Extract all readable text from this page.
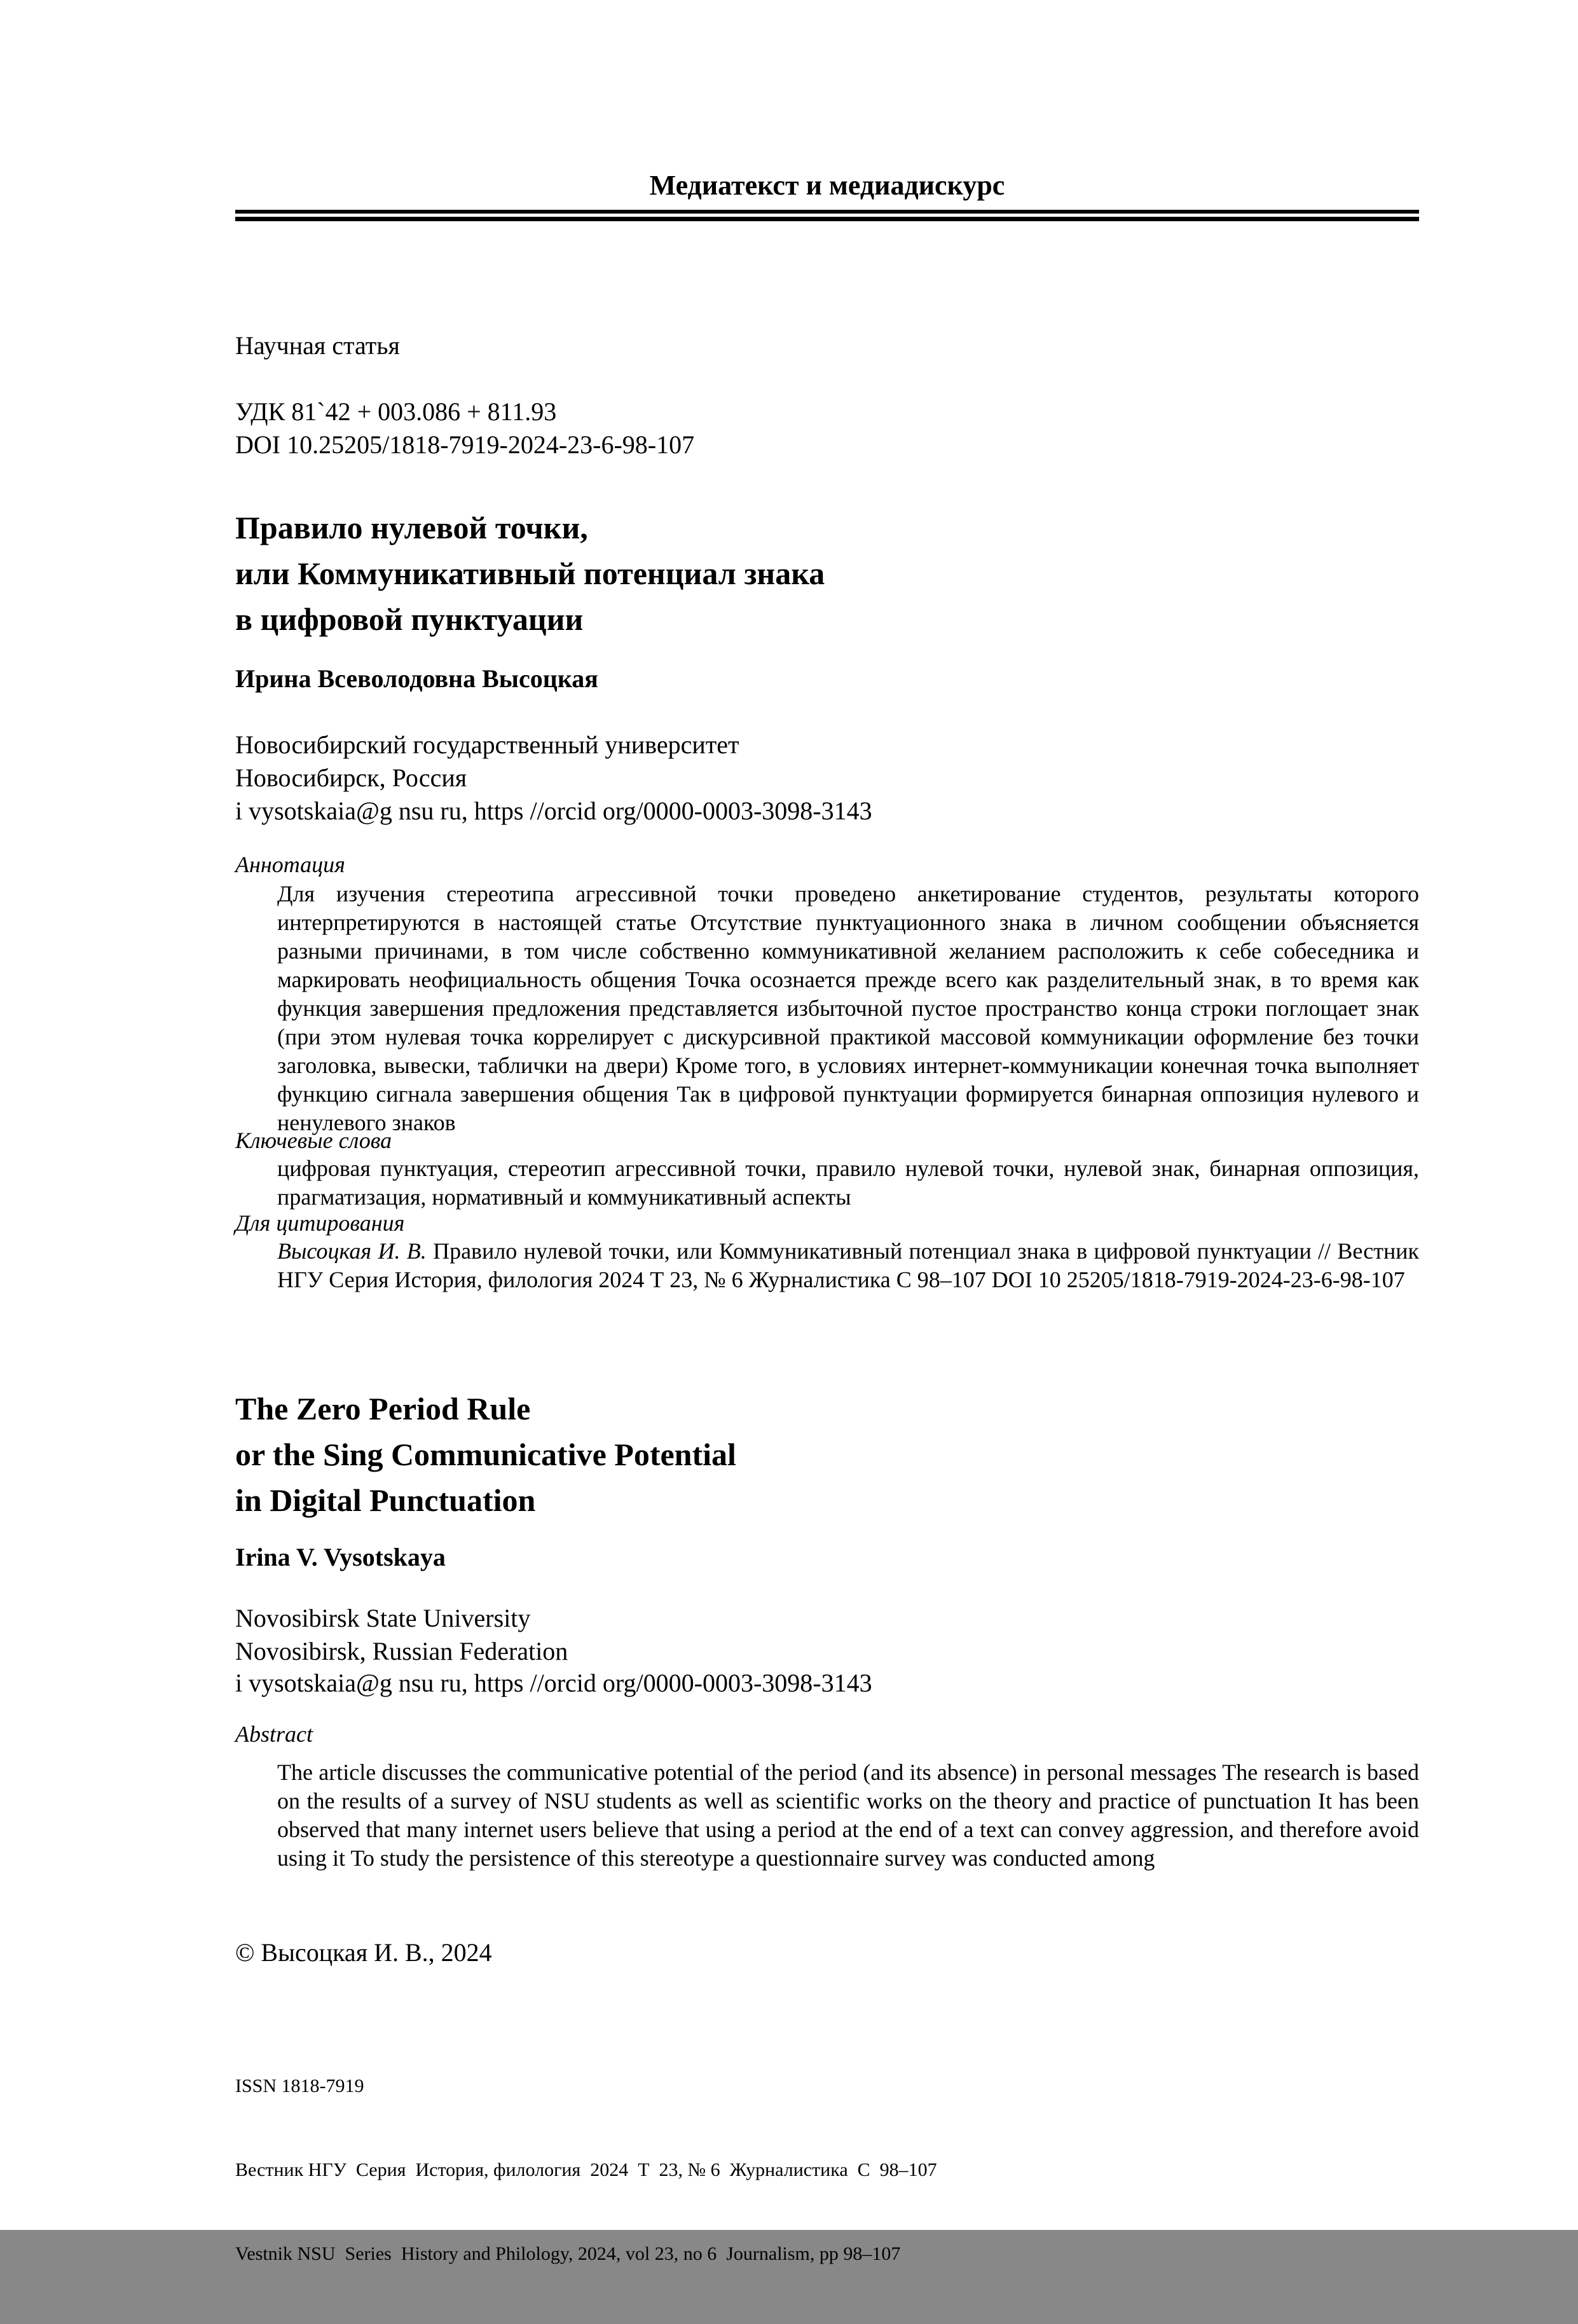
Медиатекст и медиадискурс
Научная статья
УДК 81`42 + 003.086 + 811.93
DOI 10.25205/1818-7919-2024-23-6-98-107
Правило нулевой точки,
или Коммуникативный потенциал знака
в цифровой пунктуации
Ирина Всеволодовна Высоцкая
Новосибирский государственный университет
Новосибирск, Россия
i vysotskaia@g nsu ru, https //orcid org/0000-0003-3098-3143
Аннотация
Для изучения стереотипа агрессивной точки проведено анкетирование студентов, результаты которого интерпретируются в настоящей статье Отсутствие пунктуационного знака в личном сообщении объясняется разными причинами, в том числе собственно коммуникативной желанием расположить к себе собеседника и маркировать неофициальность общения Точка осознается прежде всего как разделительный знак, в то время как функция завершения предложения представляется избыточной пустое пространство конца строки поглощает знак (при этом нулевая точка коррелирует с дискурсивной практикой массовой коммуникации оформление без точки заголовка, вывески, таблички на двери) Кроме того, в условиях интернет-коммуникации конечная точка выполняет функцию сигнала завершения общения Так в цифровой пунктуации формируется бинарная оппозиция нулевого и ненулевого знаков
Ключевые слова
цифровая пунктуация, стереотип агрессивной точки, правило нулевой точки, нулевой знак, бинарная оппозиция, прагматизация, нормативный и коммуникативный аспекты
Для цитирования
Высоцкая И. В. Правило нулевой точки, или Коммуникативный потенциал знака в цифровой пунктуации // Вестник НГУ Серия История, филология 2024 Т 23, № 6 Журналистика С 98–107 DOI 10 25205/1818-7919-2024-23-6-98-107
The Zero Period Rule
or the Sing Communicative Potential
in Digital Punctuation
Irina V. Vysotskaya
Novosibirsk State University
Novosibirsk, Russian Federation
i vysotskaia@g nsu ru, https //orcid org/0000-0003-3098-3143
Abstract
The article discusses the communicative potential of the period (and its absence) in personal messages The research is based on the results of a survey of NSU students as well as scientific works on the theory and practice of punctuation It has been observed that many internet users believe that using a period at the end of a text can convey aggression, and therefore avoid using it To study the persistence of this stereotype a questionnaire survey was conducted among
© Высоцкая И. В., 2024

ISSN 1818-7919

Вестник НГУ  Серия  История, филология  2024  Т  23, № 6  Журналистика  С  98–107

Vestnik NSU  Series  History and Philology, 2024, vol 23, no 6  Journalism, pp 98–107
